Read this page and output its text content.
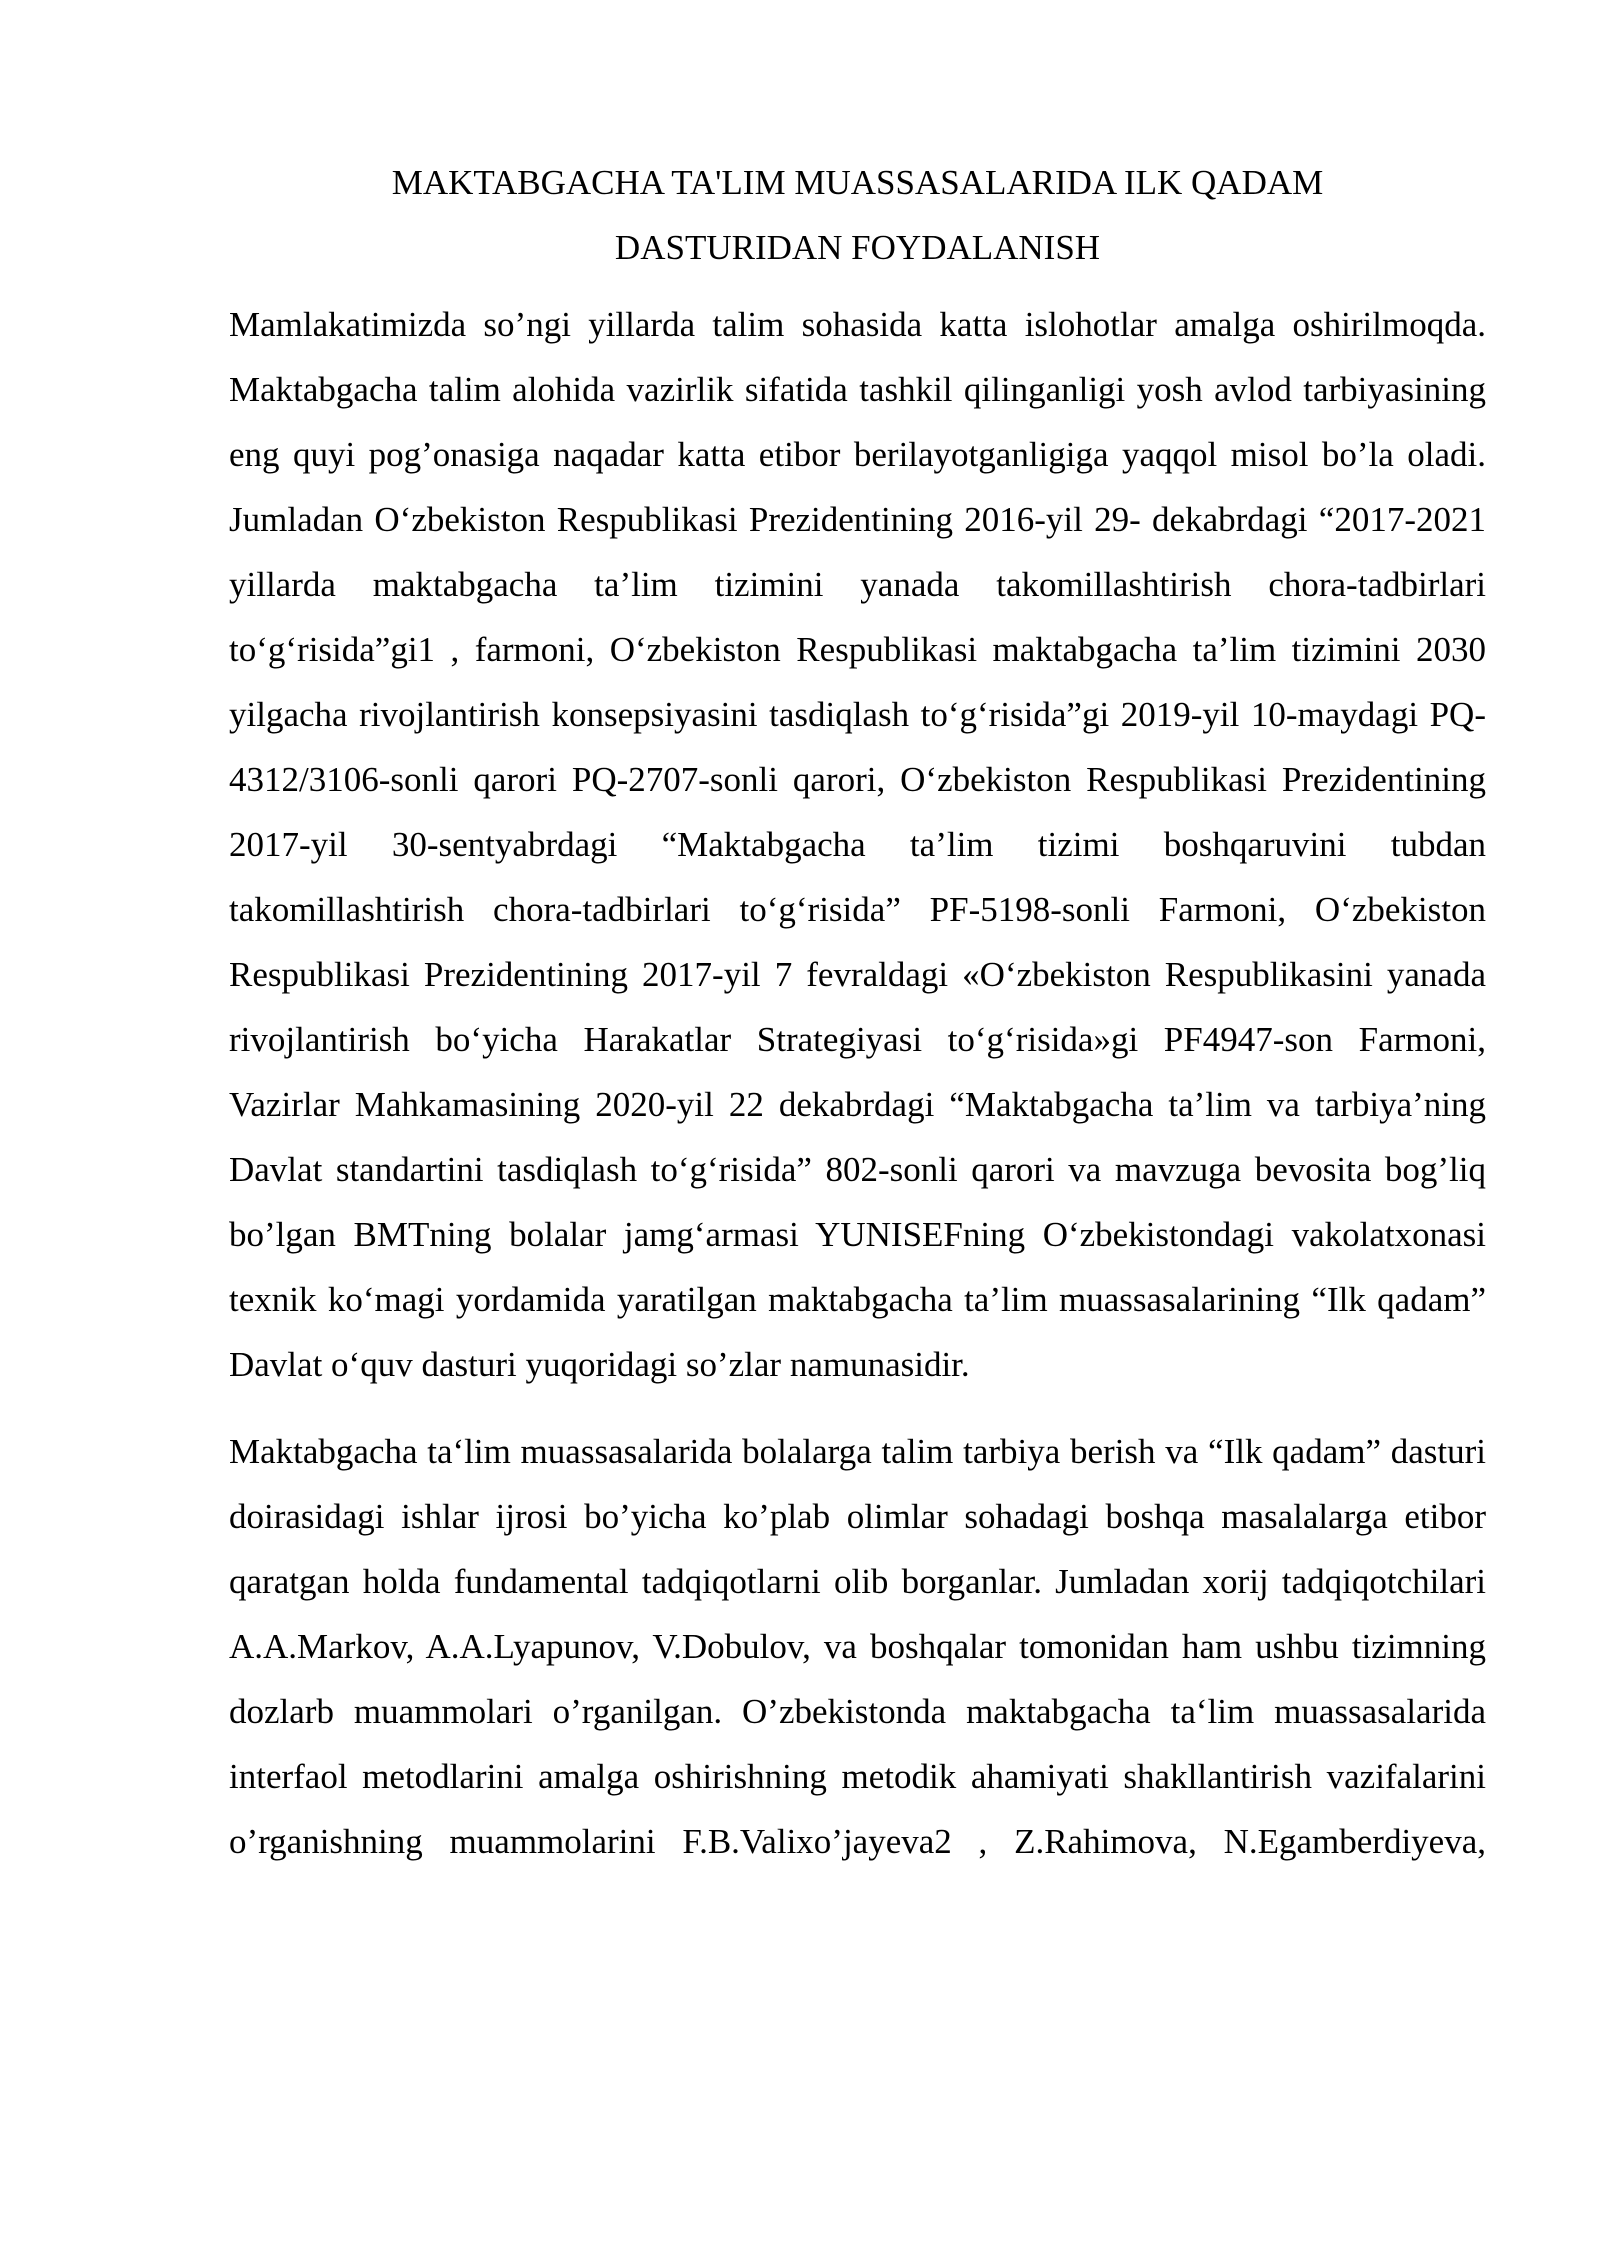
MAKTABGACHA TA'LIM MUASSASALARIDA ILK QADAM
DASTURIDAN FOYDALANISH

Mamlakatimizda so’ngi yillarda talim sohasida katta islohotlar amalga oshirilmoqda. Maktabgacha talim alohida vazirlik sifatida tashkil qilinganligi yosh avlod tarbiyasining eng quyi pog’onasiga naqadar katta etibor berilayotganligiga yaqqol misol bo’la oladi. Jumladan O‘zbekiston Respublikasi Prezidentining 2016-yil 29- dekabrdagi “2017-2021 yillarda maktabgacha ta’lim tizimini yanada takomillashtirish chora-tadbirlari to‘g‘risida”gi1 , farmoni, O‘zbekiston Respublikasi maktabgacha ta’lim tizimini 2030 yilgacha rivojlantirish konsepsiyasini tasdiqlash to‘g‘risida”gi 2019-yil 10-maydagi PQ-4312/3106-sonli qarori PQ-2707-sonli qarori, O‘zbekiston Respublikasi Prezidentining 2017-yil 30-sentyabrdagi “Maktabgacha ta’lim tizimi boshqaruvini tubdan takomillashtirish chora-tadbirlari to‘g‘risida” PF-5198-sonli Farmoni, O‘zbekiston Respublikasi Prezidentining 2017-yil 7 fevraldagi «O‘zbekiston Respublikasini yanada rivojlantirish bo‘yicha Harakatlar Strategiyasi to‘g‘risida»gi PF4947-son Farmoni, Vazirlar Mahkamasining 2020-yil 22 dekabrdagi “Maktabgacha ta’lim va tarbiya’ning Davlat standartini tasdiqlash to‘g‘risida” 802-sonli qarori va mavzuga bevosita bog’liq bo’lgan BMTning bolalar jamg‘armasi YUNISEFning O‘zbekistondagi vakolatxonasi texnik ko‘magi yordamida yaratilgan maktabgacha ta’lim muassasalarining “Ilk qadam” Davlat o‘quv dasturi yuqoridagi so’zlar namunasidir.

Maktabgacha ta‘lim muassasalarida bolalarga talim tarbiya berish va “Ilk qadam” dasturi doirasidagi ishlar ijrosi bo’yicha ko’plab olimlar sohadagi boshqa masalalarga etibor qaratgan holda fundamental tadqiqotlarni olib borganlar. Jumladan xorij tadqiqotchilari A.A.Markov, A.A.Lyapunov, V.Dobulov, va boshqalar tomonidan ham ushbu tizimning dozlarb muammolari o’rganilgan. O’zbekistonda maktabgacha ta‘lim muassasalarida interfaol metodlarini amalga oshirishning metodik ahamiyati shakllantirish vazifalarini o’rganishning muammolarini F.B.Valixo’jayeva2 , Z.Rahimova, N.Egamberdiyeva,
